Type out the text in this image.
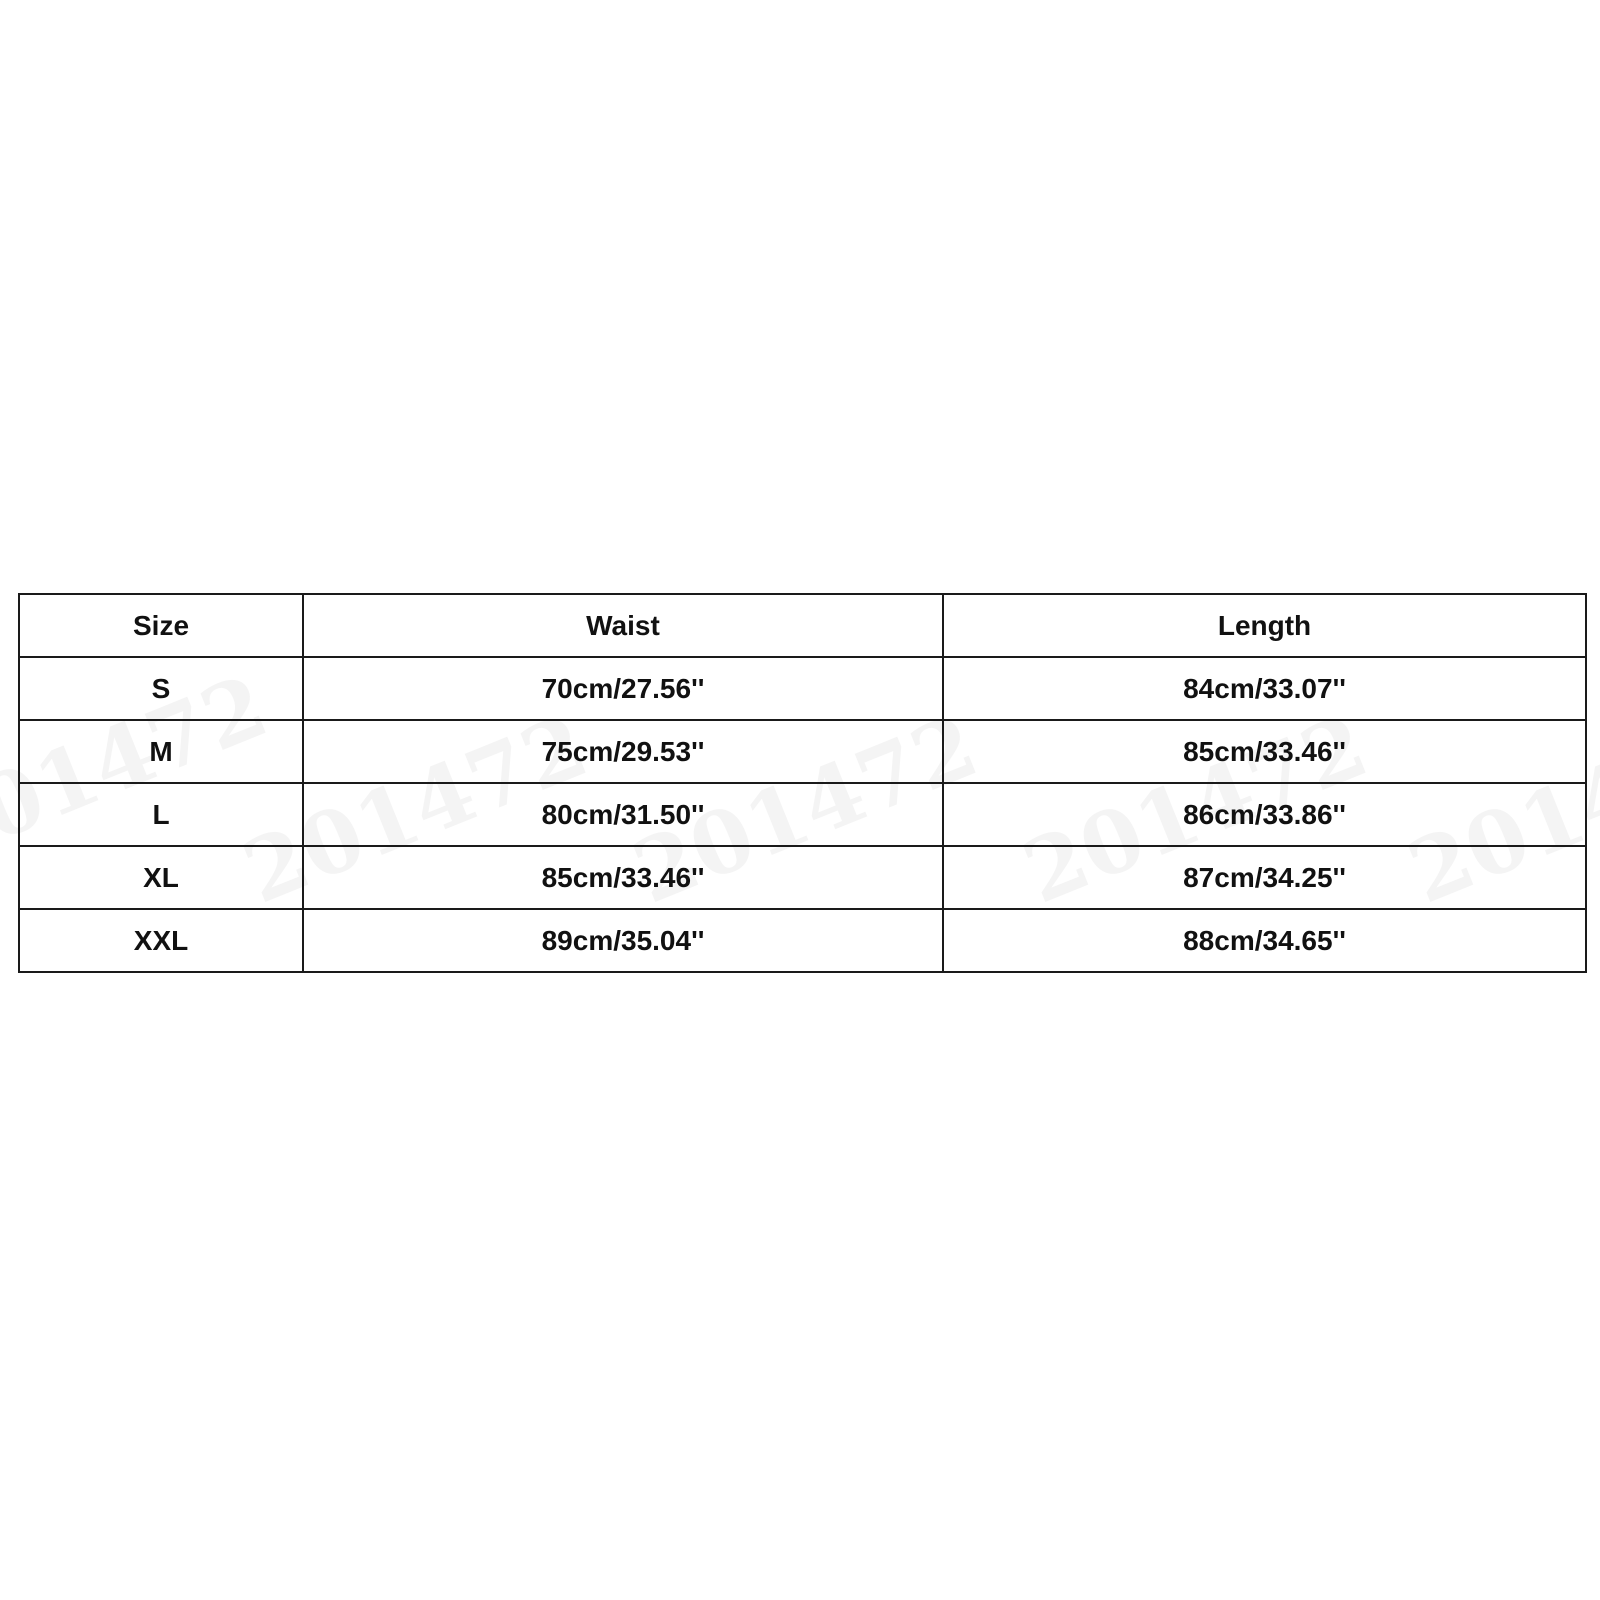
Size	Waist	Length
S	70cm/27.56''	84cm/33.07''
M	75cm/29.53''	85cm/33.46''
L	80cm/31.50''	86cm/33.86''
XL	85cm/33.46''	87cm/34.25''
XXL	89cm/35.04''	88cm/34.65''
